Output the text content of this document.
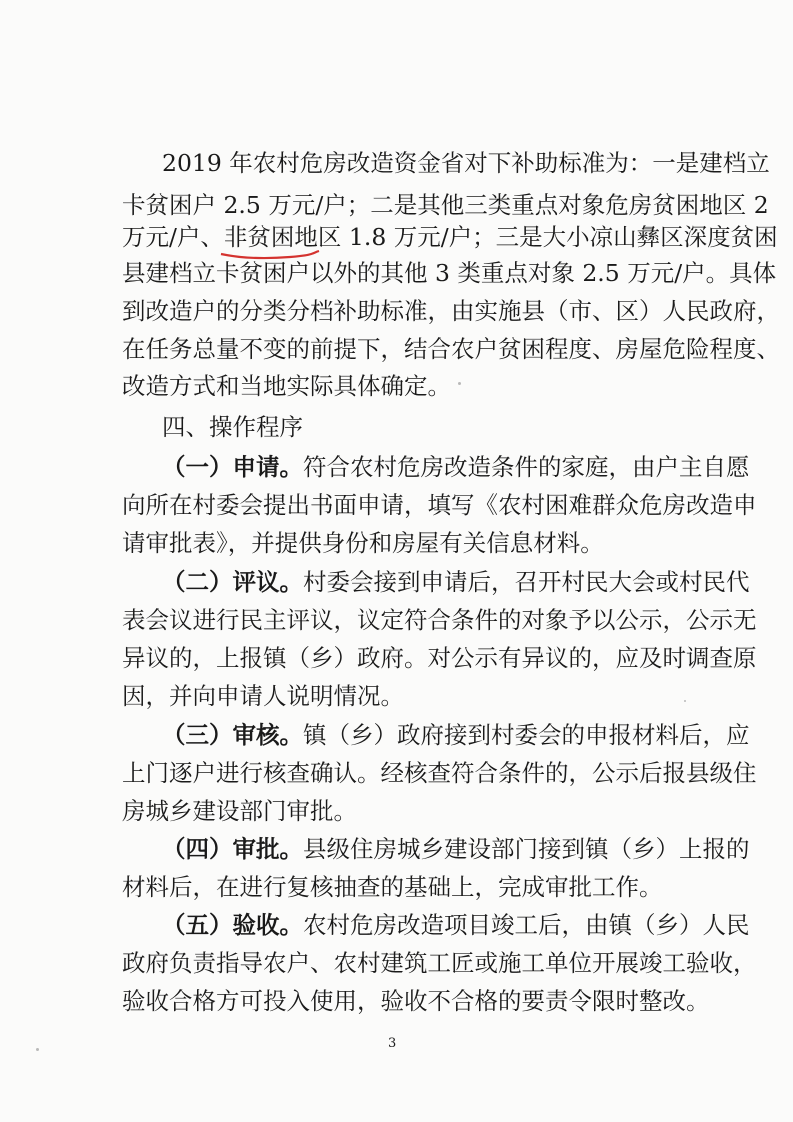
2019 年农村危房改造资金省对下补助标准为：一是建档立
卡贫困户 2.5 万元/户；二是其他三类重点对象危房贫困地区 2
万元/户、非贫困地区 1.8 万元/户；
三是大小凉山彝区深度贫困
县建档立卡贫困户以外的其他 3 类重点对象 2.5 万元/户。具体
到改造户的分类分档补助标准，由实施县（市、区）人民政府，
在任务总量不变的前提下，结合农户贫困程度、房屋危险程度、
改造方式和当地实际具体确定。
四、操作程序
（一）申请。符合农村危房改造条件的家庭，由户主自愿
向所在村委会提出书面申请，填写《农村困难群众危房改造申
请审批表》，并提供身份和房屋有关信息材料。
（二）评议。村委会接到申请后，召开村民大会或村民代
表会议进行民主评议，议定符合条件的对象予以公示，公示无
异议的，上报镇（乡）政府。对公示有异议的，应及时调查原
因，并向申请人说明情况。
（三）审核。镇（乡）政府接到村委会的申报材料后，应
上门逐户进行核查确认。经核查符合条件的，公示后报县级住
房城乡建设部门审批。
（四）审批。县级住房城乡建设部门接到镇（乡）上报的
材料后，在进行复核抽查的基础上，完成审批工作。
（五）验收。农村危房改造项目竣工后，由镇（乡）人民
政府负责指导农户、农村建筑工匠或施工单位开展竣工验收，
验收合格方可投入使用，验收不合格的要责令限时整改。
3
